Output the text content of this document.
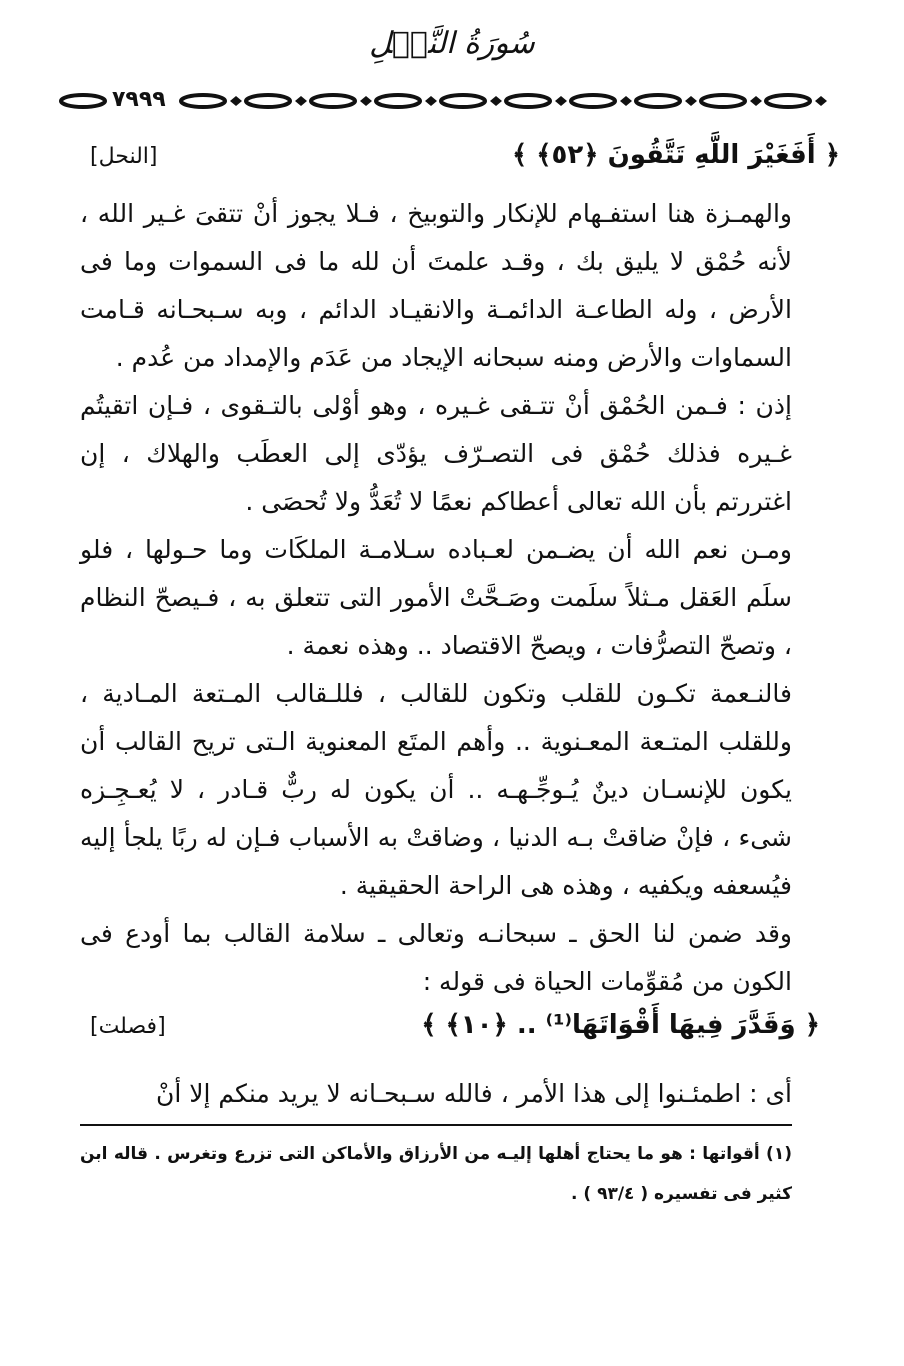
سُورَةُ النَّحۡلِ
٧٩٩٩
﴿ أَفَغَيْرَ اللَّهِ تَتَّقُونَ ﴿٥٢﴾ ﴾
[النحل]

والهمـزة هنا استفـهام للإنكار والتوبيخ ، فـلا يجوز أنْ تتقىَ غـير الله ، لأنه حُمْق لا يليق بك ، وقـد علمتَ أن لله ما فى السموات وما فى الأرض ، وله الطاعـة الدائمـة والانقيـاد الدائم ، وبه سـبحـانه قـامت السماوات والأرض ومنه سبحانه الإيجاد من عَدَم والإمداد من عُدم .

إذن : فـمن الحُمْق أنْ تتـقى غـيره ، وهو أوْلى بالتـقوى ، فـإن اتقيتُم غـيره فذلك حُمْق فى التصـرّف يؤدّى إلى العطَب والهلاك ، إن اغتررتم بأن الله تعالى أعطاكم نعمًا لا تُعَدُّ ولا تُحصَى .

ومـن نعم الله أن يضـمن لعـباده سـلامـة الملكَات وما حـولها ، فلو سلَم العَقل مـثلاً سلَمت وصَـحَّتْ الأمور التى تتعلق به ، فـيصحّ النظام ، وتصحّ التصرُّفات ، ويصحّ الاقتصاد .. وهذه نعمة .

فالنـعمة تكـون للقلب وتكون للقالب ، فللـقالب المـتعة المـادية ، وللقلب المتـعة المعـنوية .. وأهم المتَع المعنوية الـتى تريح القالب أن يكون للإنسـان دينٌ يُـوجِّـهـه .. أن يكون له ربٌّ قـادر ، لا يُعـجِـزه شىء ، فإنْ ضاقتْ بـه الدنيا ، وضاقتْ به الأسباب فـإن له ربًا يلجأ إليه فيُسعفه ويكفيه ، وهذه هى الراحة الحقيقية .

وقد ضمن لنا الحق ـ سبحانـه وتعالى ـ سلامة القالب بما أودع فى الكون من مُقوِّمات الحياة فى قوله :

﴿ وَقَدَّرَ فِيهَا أَقْوَاتَهَا⁽¹⁾ .. ﴿١٠﴾ ﴾
[فصلت]

أى : اطمئـنوا إلى هذا الأمر ، فالله سـبحـانه لا يريد منكم إلا أنْ

(١) أقواتها : هو ما يحتاج أهلها إليـه من الأرزاق والأماكن التى تزرع وتغرس . قاله ابن كثير فى تفسيره ( ٩٣/٤ ) .
